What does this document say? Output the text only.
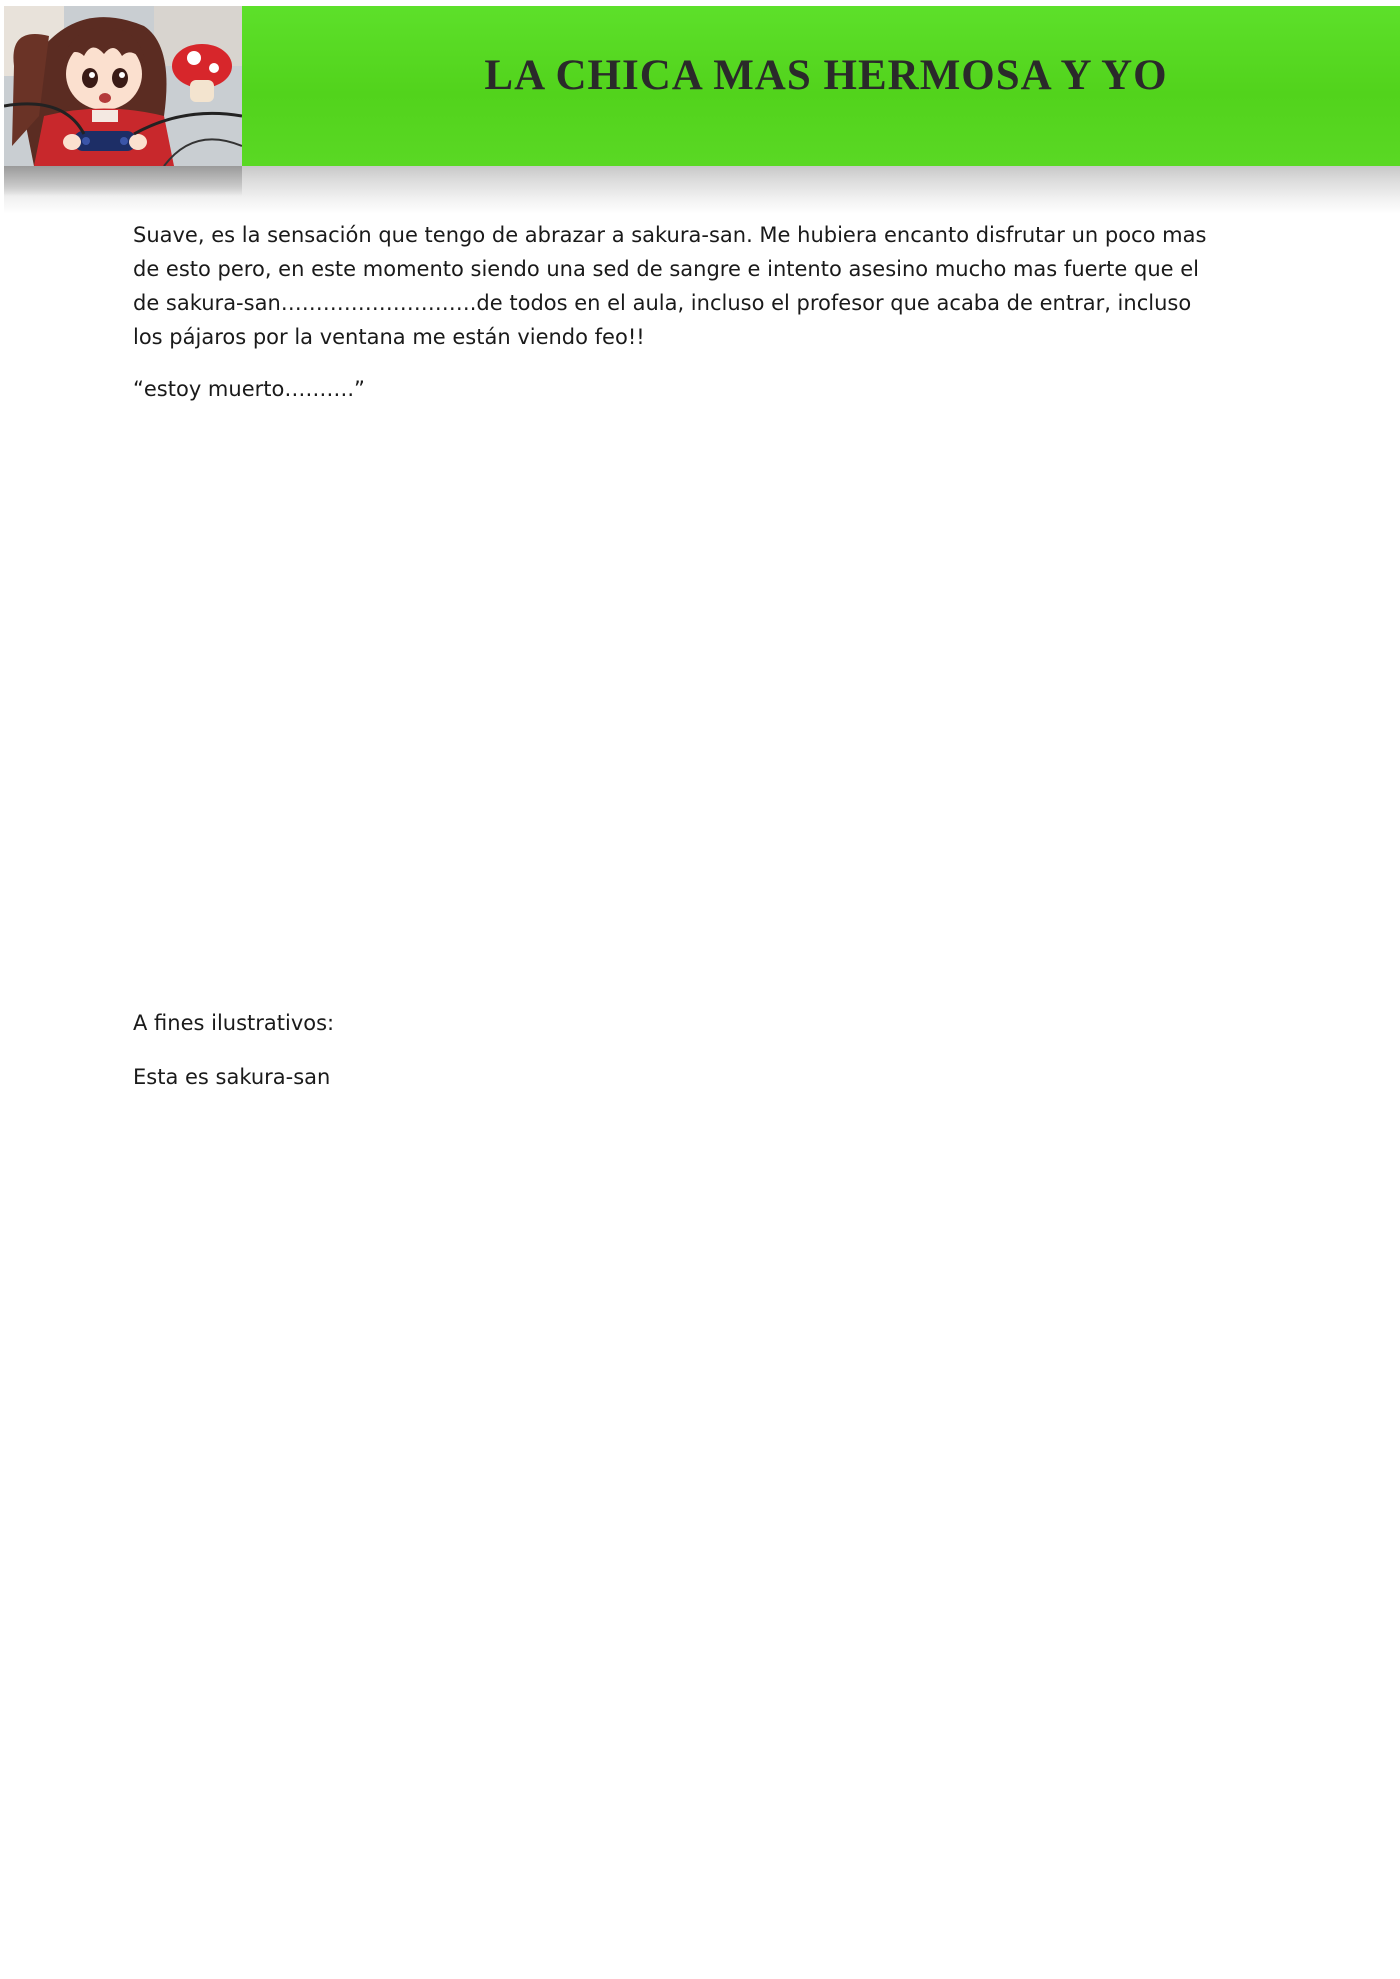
LA CHICA MAS HERMOSA Y YO

Suave, es la sensación que tengo de abrazar a sakura-san. Me hubiera encanto disfrutar un poco mas de esto pero, en este momento siendo una sed de sangre e intento asesino mucho mas fuerte que el de sakura-san……………………….de todos en el aula, incluso el profesor que acaba de entrar, incluso los pájaros por la ventana me están viendo feo!!

“estoy muerto……….”

A fines ilustrativos:

Esta es sakura-san
